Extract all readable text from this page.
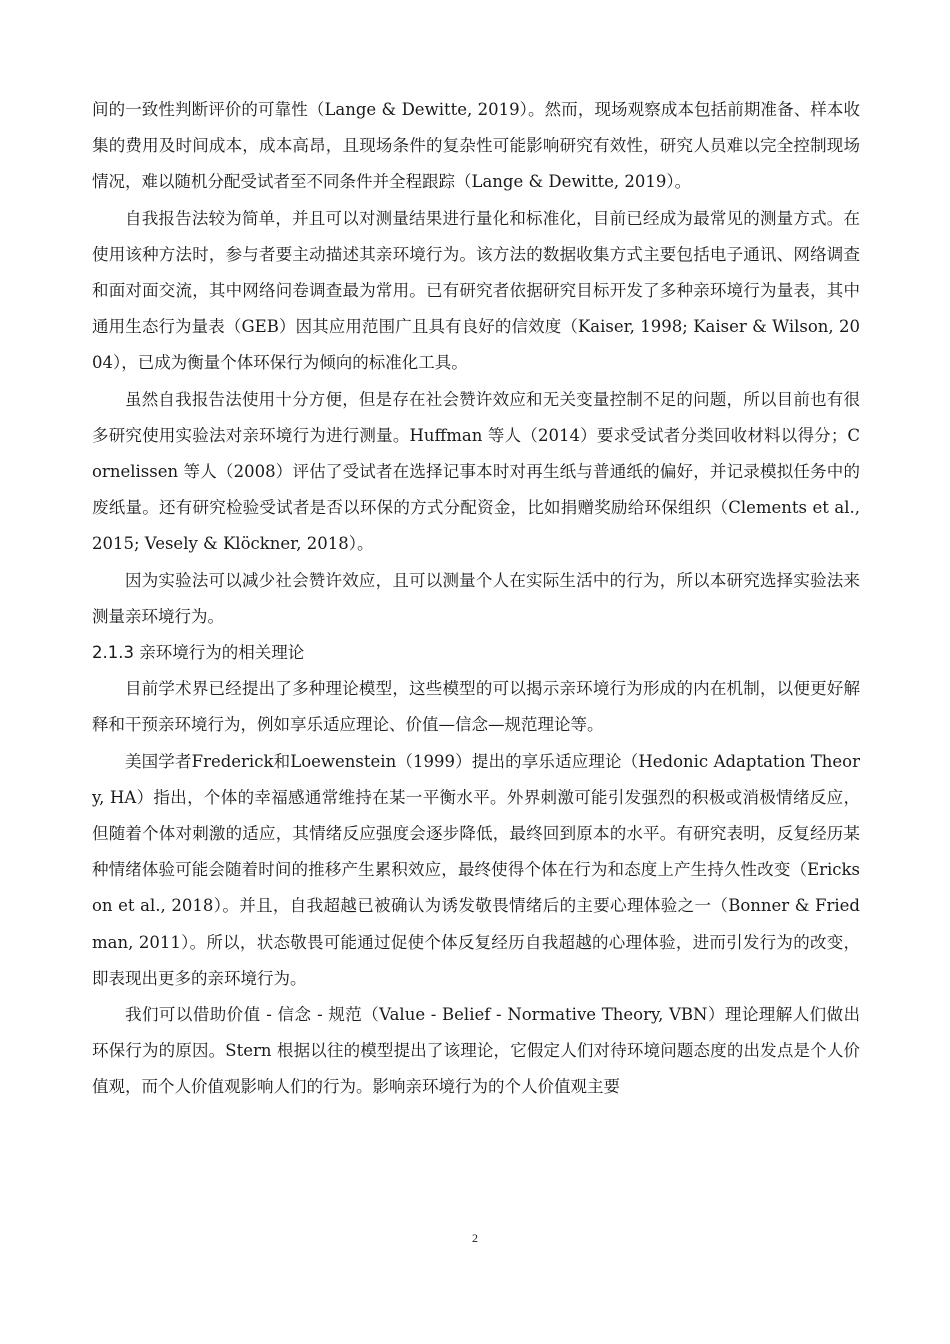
间的一致性判断评价的可靠性（Lange & Dewitte, 2019）。然而，现场观察成本包括前期准备、样本收集的费用及时间成本，成本高昂，且现场条件的复杂性可能影响研究有效性，研究人员难以完全控制现场情况，难以随机分配受试者至不同条件并全程跟踪（Lange & Dewitte, 2019）。

自我报告法较为简单，并且可以对测量结果进行量化和标准化，目前已经成为最常见的测量方式。在使用该种方法时，参与者要主动描述其亲环境行为。该方法的数据收集方式主要包括电子通讯、网络调查和面对面交流，其中网络问卷调查最为常用。已有研究者依据研究目标开发了多种亲环境行为量表，其中通用生态行为量表（GEB）因其应用范围广且具有良好的信效度（Kaiser, 1998; Kaiser & Wilson, 2004），已成为衡量个体环保行为倾向的标准化工具。

虽然自我报告法使用十分方便，但是存在社会赞许效应和无关变量控制不足的问题，所以目前也有很多研究使用实验法对亲环境行为进行测量。Huffman 等人（2014）要求受试者分类回收材料以得分；Cornelissen 等人（2008）评估了受试者在选择记事本时对再生纸与普通纸的偏好，并记录模拟任务中的废纸量。还有研究检验受试者是否以环保的方式分配资金，比如捐赠奖励给环保组织（Clements et al., 2015; Vesely & Klöckner, 2018）。

因为实验法可以减少社会赞许效应，且可以测量个人在实际生活中的行为，所以本研究选择实验法来测量亲环境行为。

2.1.3 亲环境行为的相关理论

目前学术界已经提出了多种理论模型，这些模型的可以揭示亲环境行为形成的内在机制，以便更好解释和干预亲环境行为，例如享乐适应理论、价值—信念—规范理论等。

美国学者Frederick和Loewenstein（1999）提出的享乐适应理论（Hedonic Adaptation Theory, HA）指出，个体的幸福感通常维持在某一平衡水平。外界刺激可能引发强烈的积极或消极情绪反应，但随着个体对刺激的适应，其情绪反应强度会逐步降低，最终回到原本的水平。有研究表明，反复经历某种情绪体验可能会随着时间的推移产生累积效应，最终使得个体在行为和态度上产生持久性改变（Erickson et al., 2018）。并且，自我超越已被确认为诱发敬畏情绪后的主要心理体验之一（Bonner & Friedman, 2011）。所以，状态敬畏可能通过促使个体反复经历自我超越的心理体验，进而引发行为的改变，即表现出更多的亲环境行为。

我们可以借助价值 - 信念 - 规范（Value - Belief - Normative Theory, VBN）理论理解人们做出环保行为的原因。Stern 根据以往的模型提出了该理论，它假定人们对待环境问题态度的出发点是个人价值观，而个人价值观影响人们的行为。影响亲环境行为的个人价值观主要

2
